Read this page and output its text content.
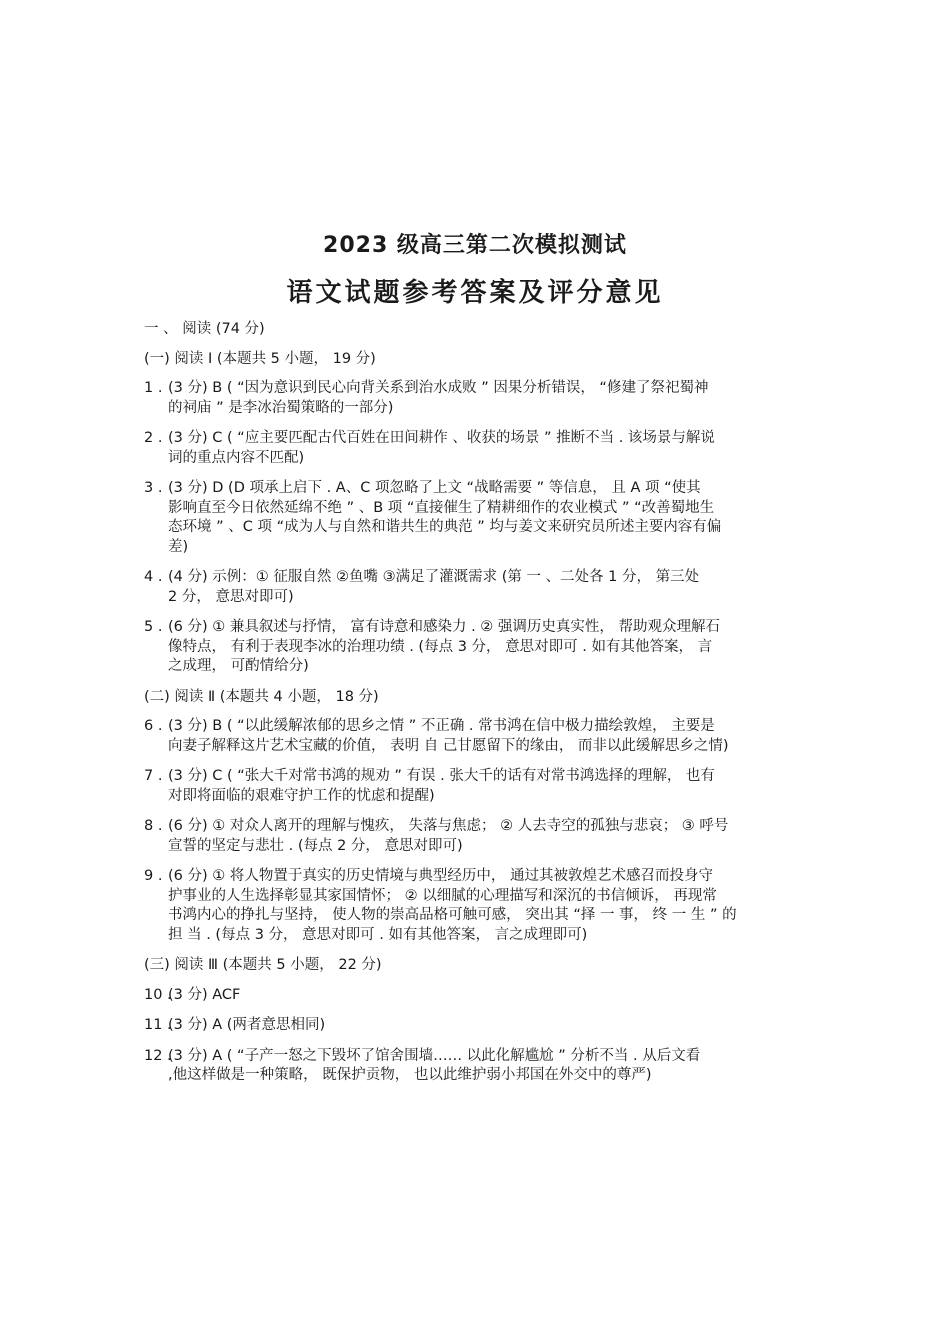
2023 级高三第二次模拟测试
语文试题参考答案及评分意见
一 、 阅读 (74 分)
(一) 阅读 Ⅰ (本题共 5 小题， 19 分)
1 . (3 分) B ( “因为意识到民心向背关系到治水成败 ” 因果分析错误， “修建了祭祀蜀神
的祠庙 ” 是李冰治蜀策略的一部分)
2 . (3 分) C ( “应主要匹配古代百姓在田间耕作 、收获的场景 ” 推断不当 . 该场景与解说
词的重点内容不匹配)
3 . (3 分) D (D 项承上启下 . A、C 项忽略了上文 “战略需要 ” 等信息， 且 A 项 “使其
影响直至今日依然延绵不绝 ” 、B 项 “直接催生了精耕细作的农业模式 ” “改善蜀地生
态环境 ” 、C 项 “成为人与自然和谐共生的典范 ” 均与姜文来研究员所述主要内容有偏
差)
4 . (4 分) 示例：① 征服自然 ②鱼嘴 ③满足了灌溉需求 (第 一 、二处各 1 分， 第三处
2 分， 意思对即可)
5 . (6 分) ① 兼具叙述与抒情， 富有诗意和感染力 . ② 强调历史真实性， 帮助观众理解石
像特点， 有利于表现李冰的治理功绩 . (每点 3 分， 意思对即可 . 如有其他答案， 言
之成理， 可酌情给分)
(二) 阅读 Ⅱ (本题共 4 小题， 18 分)
6 . (3 分) B ( “以此缓解浓郁的思乡之情 ” 不正确 . 常书鸿在信中极力描绘敦煌， 主要是
向妻子解释这片艺术宝藏的价值， 表明 自 己甘愿留下的缘由， 而非以此缓解思乡之情)
7 . (3 分) C ( “张大千对常书鸿的规劝 ” 有误 . 张大千的话有对常书鸿选择的理解， 也有
对即将面临的艰难守护工作的忧虑和提醒)
8 . (6 分) ① 对众人离开的理解与愧疚， 失落与焦虑； ② 人去寺空的孤独与悲哀； ③ 呼号
宣誓的坚定与悲壮 . (每点 2 分， 意思对即可)
9 . (6 分) ① 将人物置于真实的历史情境与典型经历中， 通过其被敦煌艺术感召而投身守
护事业的人生选择彰显其家国情怀； ② 以细腻的心理描写和深沉的书信倾诉， 再现常
书鸿内心的挣扎与坚持， 使人物的崇高品格可触可感， 突出其 “择 一 事， 终 一 生 ” 的
担 当 . (每点 3 分， 意思对即可 . 如有其他答案， 言之成理即可)
(三) 阅读 Ⅲ (本题共 5 小题， 22 分)
10 .
(3 分) ACF
11 .
(3 分) A (两者意思相同)
12 .
(3 分) A ( “子产一怒之下毁坏了馆舍围墙…… 以此化解尴尬 ” 分析不当 . 从后文看
,他这样做是一种策略， 既保护贡物， 也以此维护弱小邦国在外交中的尊严)
